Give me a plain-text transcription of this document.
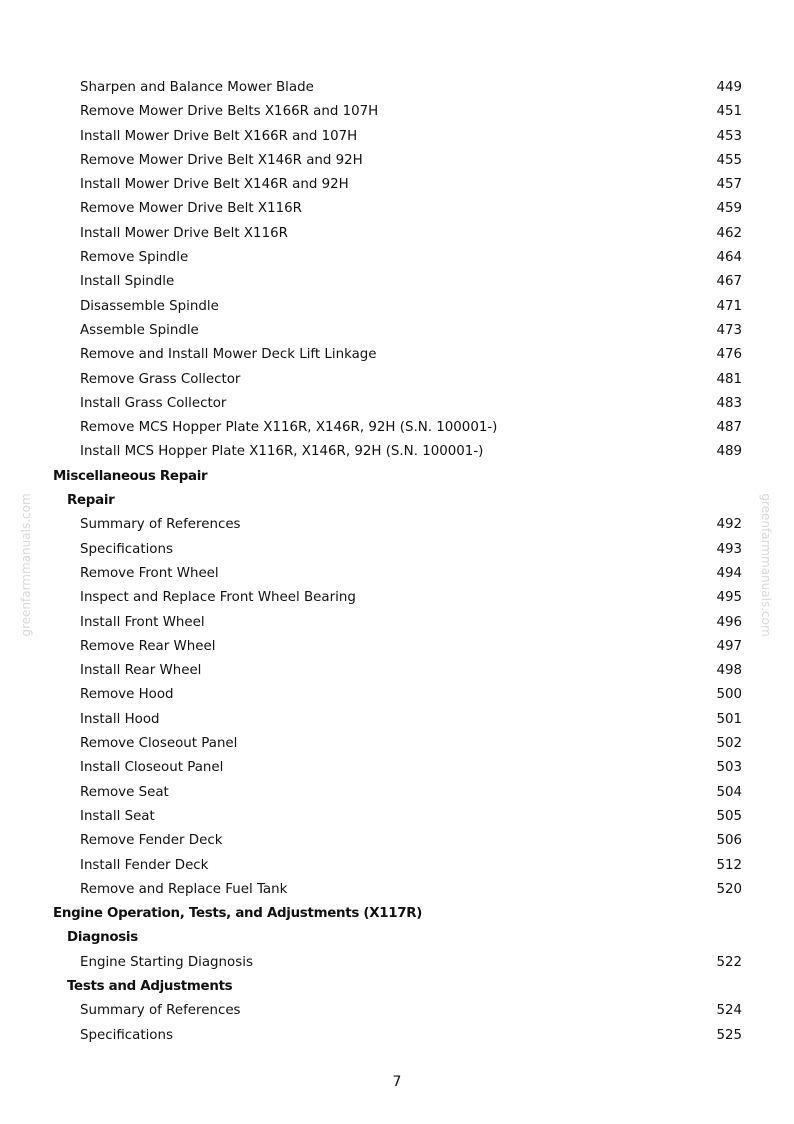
greenfarmmanuals.com	greenfarmmanuals.com
Sharpen and Balance Mower Blade	449
Remove Mower Drive Belts X166R and 107H	451
Install Mower Drive Belt X166R and 107H	453
Remove Mower Drive Belt X146R and 92H	455
Install Mower Drive Belt X146R and 92H	457
Remove Mower Drive Belt X116R	459
Install Mower Drive Belt X116R	462
Remove Spindle	464
Install Spindle	467
Disassemble Spindle	471
Assemble Spindle	473
Remove and Install Mower Deck Lift Linkage	476
Remove Grass Collector	481
Install Grass Collector	483
Remove MCS Hopper Plate X116R, X146R, 92H (S.N. 100001-)	487
Install MCS Hopper Plate X116R, X146R, 92H (S.N. 100001-)	489
Miscellaneous Repair
Repair
Summary of References	492
Specifications	493
Remove Front Wheel	494
Inspect and Replace Front Wheel Bearing	495
Install Front Wheel	496
Remove Rear Wheel	497
Install Rear Wheel	498
Remove Hood	500
Install Hood	501
Remove Closeout Panel	502
Install Closeout Panel	503
Remove Seat	504
Install Seat	505
Remove Fender Deck	506
Install Fender Deck	512
Remove and Replace Fuel Tank	520
Engine Operation, Tests, and Adjustments (X117R)
Diagnosis
Engine Starting Diagnosis	522
Tests and Adjustments
Summary of References	524
Specifications	525
7
